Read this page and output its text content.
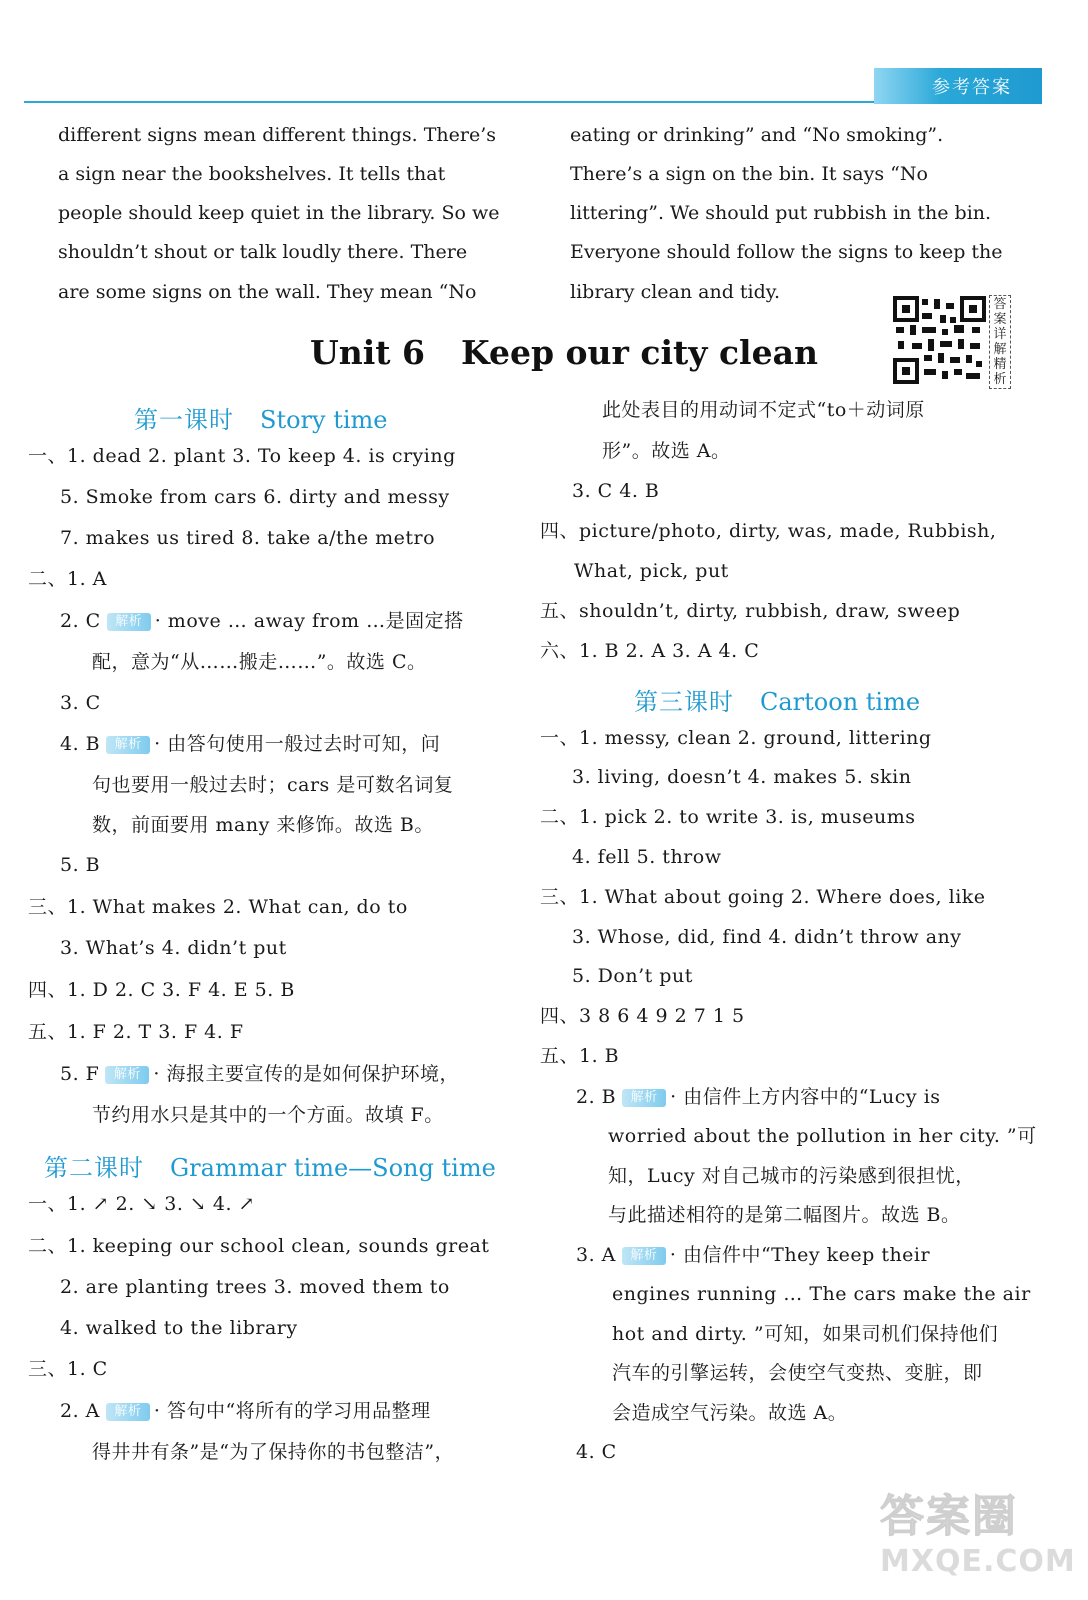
参考答案
different signs mean different things. There’s
a sign near the bookshelves. It tells that
people should keep quiet in the library. So we
shouldn’t shout or talk loudly there. There
are some signs on the wall. They mean “No
eating or drinking” and “No smoking”.
There’s a sign on the bin. It says “No
littering”. We should put rubbish in the bin.
Everyone should follow the signs to keep the
library clean and tidy.
答案详解精析
Unit 6 Keep our city clean
第一课时 Story time
一、1. dead 2. plant 3. To keep 4. is crying
5. Smoke from cars 6. dirty and messy
7. makes us tired 8. take a/the metro
二、1. A
2. C 解析 · move … away from …是固定搭
配，意为“从……搬走……”。故选 C。
3. C
4. B 解析 · 由答句使用一般过去时可知，问
句也要用一般过去时；cars 是可数名词复
数，前面要用 many 来修饰。故选 B。
5. B
三、1. What makes 2. What can, do to
3. What’s 4. didn’t put
四、1. D 2. C 3. F 4. E 5. B
五、1. F 2. T 3. F 4. F
5. F 解析 · 海报主要宣传的是如何保护环境，
节约用水只是其中的一个方面。故填 F。
第二课时 Grammar time—Song time
一、1. ↗ 2. ↘ 3. ↘ 4. ↗
二、1. keeping our school clean, sounds great
2. are planting trees 3. moved them to
4. walked to the library
三、1. C
2. A 解析 · 答句中“将所有的学习用品整理
得井井有条”是“为了保持你的书包整洁”，
此处表目的用动词不定式“to＋动词原
形”。故选 A。
3. C 4. B
四、picture/photo, dirty, was, made, Rubbish,
What, pick, put
五、shouldn’t, dirty, rubbish, draw, sweep
六、1. B 2. A 3. A 4. C
第三课时 Cartoon time
一、1. messy, clean 2. ground, littering
3. living, doesn’t 4. makes 5. skin
二、1. pick 2. to write 3. is, museums
4. fell 5. throw
三、1. What about going 2. Where does, like
3. Whose, did, find 4. didn’t throw any
5. Don’t put
四、3 8 6 4 9 2 7 1 5
五、1. B
2. B 解析 · 由信件上方内容中的“Lucy is
worried about the pollution in her city. ”可
知，Lucy 对自己城市的污染感到很担忧，
与此描述相符的是第二幅图片。故选 B。
3. A 解析 · 由信件中“They keep their
engines running … The cars make the air
hot and dirty. ”可知，如果司机们保持他们
汽车的引擎运转，会使空气变热、变脏，即
会造成空气污染。故选 A。
4. C
答案圈
MXQE.COM
